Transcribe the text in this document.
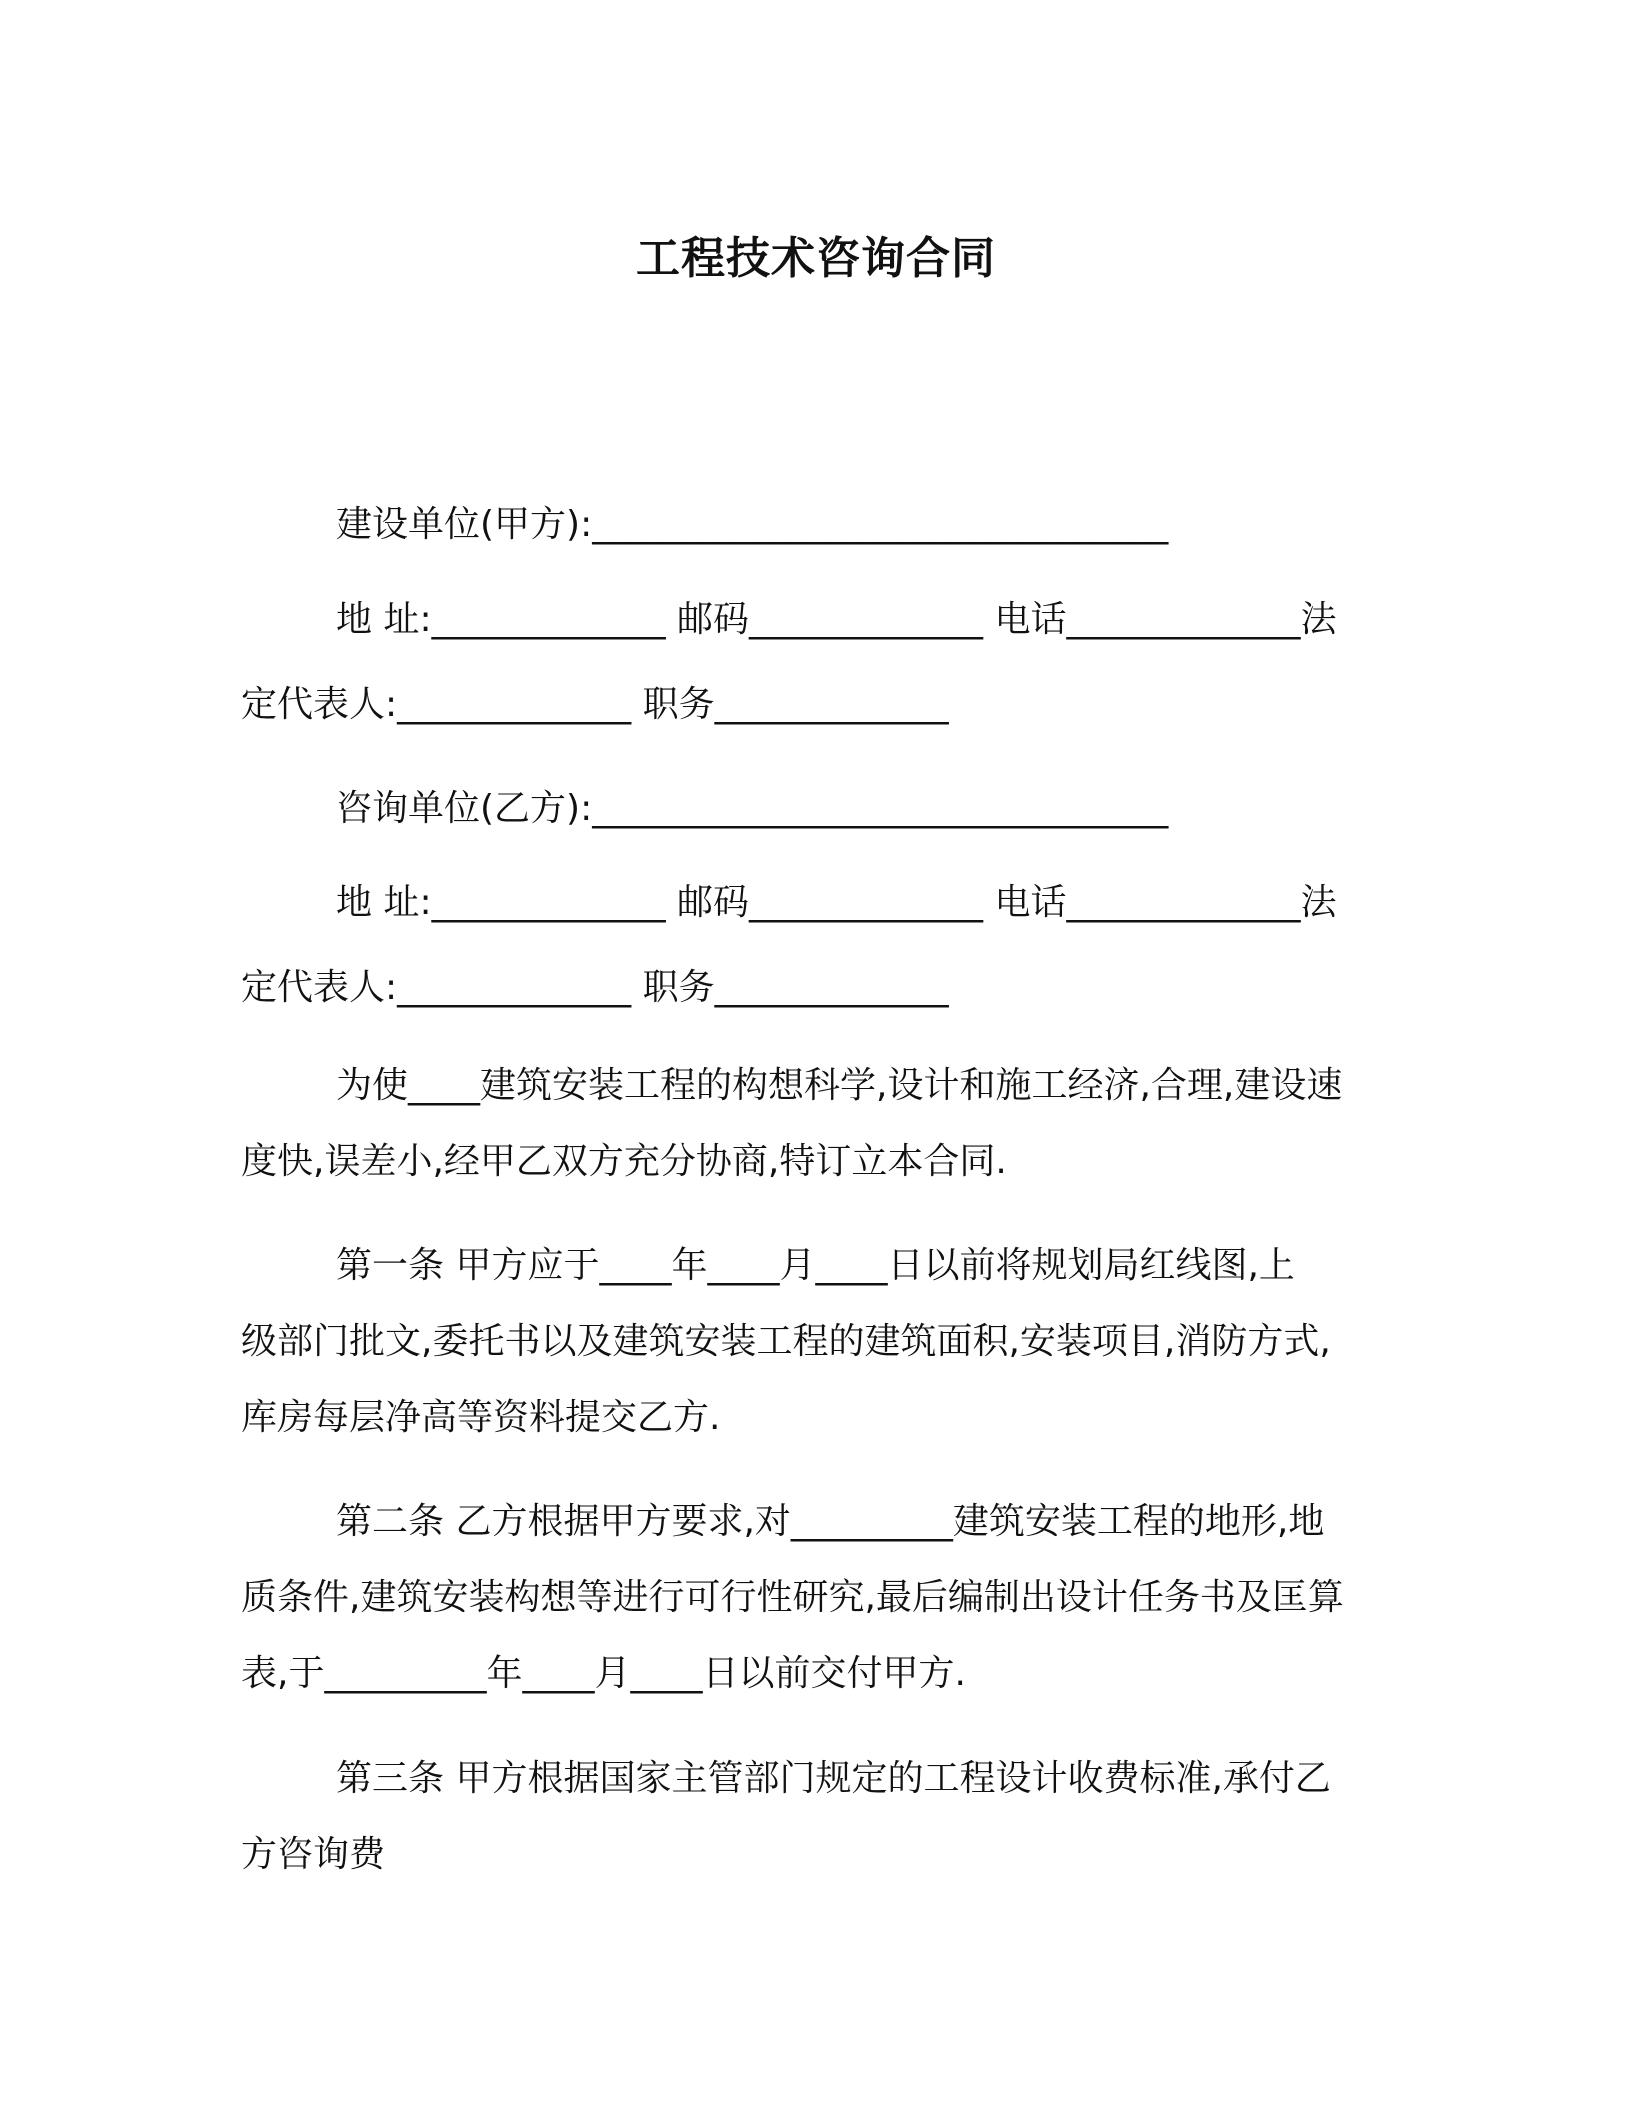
工程技术咨询合同
建设单位(甲方):________________________________
地 址:_____________ 邮码_____________ 电话_____________法
定代表人:_____________ 职务_____________
咨询单位(乙方):________________________________
地 址:_____________ 邮码_____________ 电话_____________法
定代表人:_____________ 职务_____________
为使____建筑安装工程的构想科学,设计和施工经济,合理,建设速
度快,误差小,经甲乙双方充分协商,特订立本合同.
第一条 甲方应于____年____月____日以前将规划局红线图,上
级部门批文,委托书以及建筑安装工程的建筑面积,安装项目,消防方式,
库房每层净高等资料提交乙方.
第二条 乙方根据甲方要求,对_________建筑安装工程的地形,地
质条件,建筑安装构想等进行可行性研究,最后编制出设计任务书及匡算
表,于_________年____月____日以前交付甲方.
第三条 甲方根据国家主管部门规定的工程设计收费标准,承付乙
方咨询费
